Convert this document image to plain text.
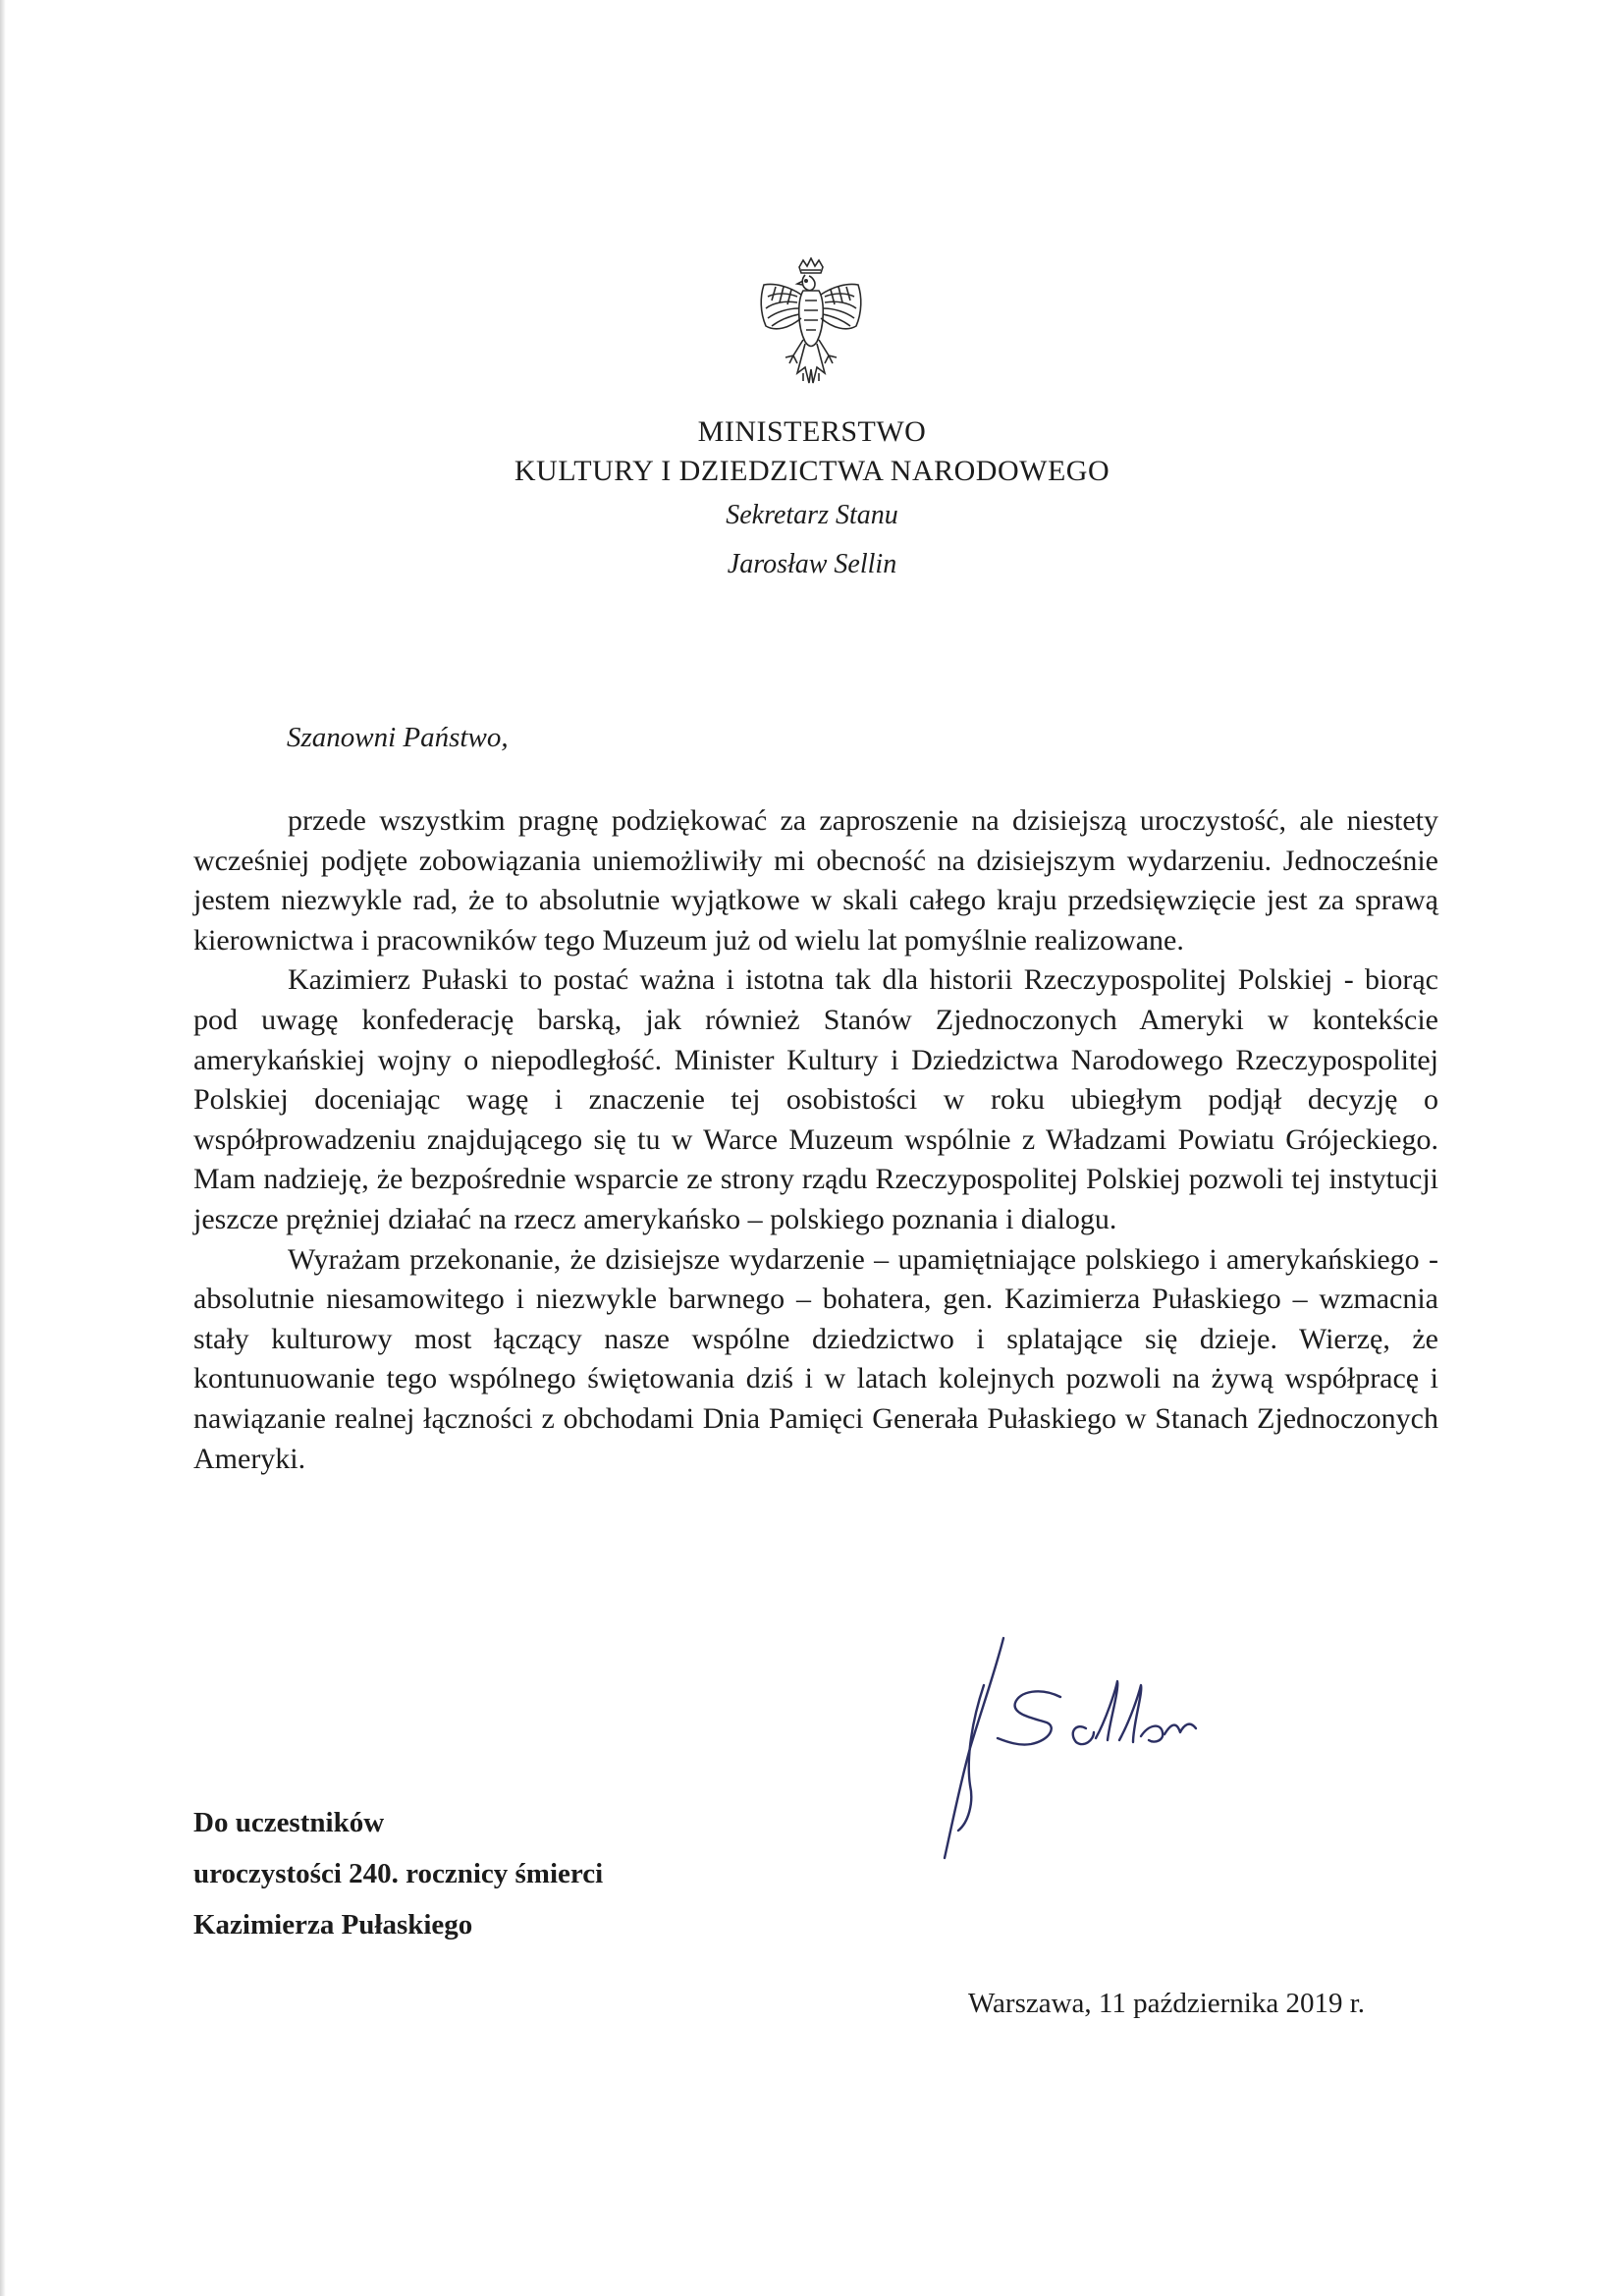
MINISTERSTWO
KULTURY I DZIEDZICTWA NARODOWEGO
Sekretarz Stanu
Jarosław Sellin
Szanowni Państwo,

przede wszystkim pragnę podziękować za zaproszenie na dzisiejszą uroczystość, ale niestety wcześniej podjęte zobowiązania uniemożliwiły mi obecność na dzisiejszym wydarzeniu. Jednocześnie jestem niezwykle rad, że to absolutnie wyjątkowe w skali całego kraju przedsięwzięcie jest za sprawą kierownictwa i pracowników tego Muzeum już od wielu lat pomyślnie realizowane.

Kazimierz Pułaski to postać ważna i istotna tak dla historii Rzeczypospolitej Polskiej - biorąc pod uwagę konfederację barską, jak również Stanów Zjednoczonych Ameryki w kontekście amerykańskiej wojny o niepodległość. Minister Kultury i Dziedzictwa Narodowego Rzeczypospolitej Polskiej doceniając wagę i znaczenie tej osobistości w roku ubiegłym podjął decyzję o współprowadzeniu znajdującego się tu w Warce Muzeum wspólnie z Władzami Powiatu Grójeckiego. Mam nadzieję, że bezpośrednie wsparcie ze strony rządu Rzeczypospolitej Polskiej pozwoli tej instytucji jeszcze prężniej działać na rzecz amerykańsko – polskiego poznania i dialogu.

Wyrażam przekonanie, że dzisiejsze wydarzenie – upamiętniające polskiego i amerykańskiego - absolutnie niesamowitego i niezwykle barwnego – bohatera, gen. Kazimierza Pułaskiego – wzmacnia stały kulturowy most łączący nasze wspólne dziedzictwo i splatające się dzieje. Wierzę, że kontunuowanie tego wspólnego świętowania dziś i w latach kolejnych pozwoli na żywą współpracę i nawiązanie realnej łączności z obchodami Dnia Pamięci Generała Pułaskiego w Stanach Zjednoczonych Ameryki.

Do uczestników
uroczystości 240. rocznicy śmierci
Kazimierza Pułaskiego
Warszawa, 11 października 2019 r.
